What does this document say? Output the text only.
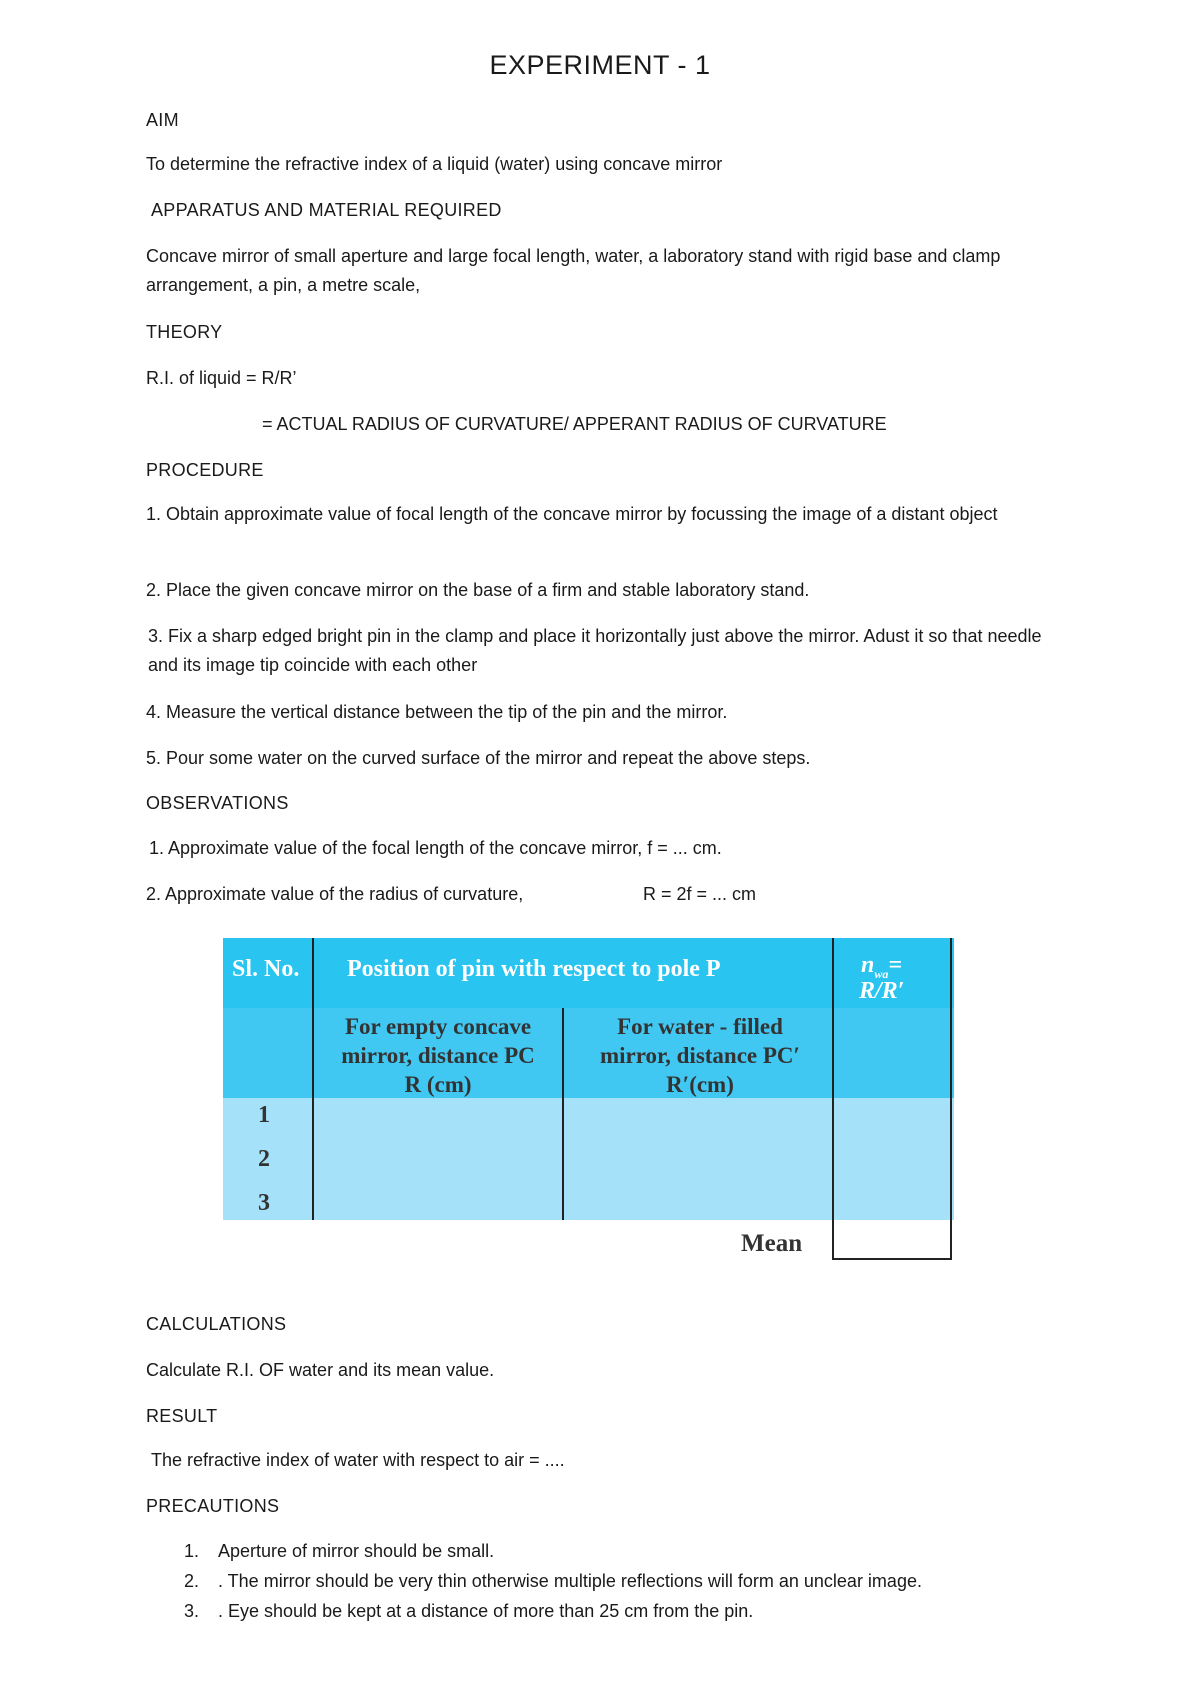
EXPERIMENT - 1
AIM
To determine the refractive index of a liquid (water) using concave mirror
APPARATUS AND MATERIAL REQUIRED
Concave mirror of small aperture and large focal length, water, a laboratory stand with rigid base and clamp arrangement, a pin, a metre scale,
THEORY
R.I. of liquid = R/R’
= ACTUAL RADIUS OF CURVATURE/ APPERANT RADIUS OF CURVATURE
PROCEDURE
1. Obtain approximate value of focal length of the concave mirror by focussing the image of a distant object
2. Place the given concave mirror on the base of a firm and stable laboratory stand.
3. Fix a sharp edged bright pin in the clamp and place it horizontally just above the mirror. Adust it so that needle and its image tip coincide with each other
4. Measure the vertical distance between the tip of the pin and the mirror.
5. Pour some water on the curved surface of the mirror and repeat the above steps.
OBSERVATIONS
1. Approximate value of the focal length of the concave mirror, f = ... cm.
2. Approximate value of the radius of curvature,	R = 2f = ... cm
Sl. No. Position of pin with respect to pole P	$n_{wa}=$
R/R′
For empty concave
mirror, distance PC
R (cm)
For water - filled
mirror, distance PC′
R′(cm)
1
2
3
Mean
CALCULATIONS
Calculate R.I. OF water and its mean value.
RESULT
The refractive index of water with respect to air = ....
PRECAUTIONS
1. Aperture of mirror should be small.
2. . The mirror should be very thin otherwise multiple reflections will form an unclear image.
3. . Eye should be kept at a distance of more than 25 cm from the pin.
